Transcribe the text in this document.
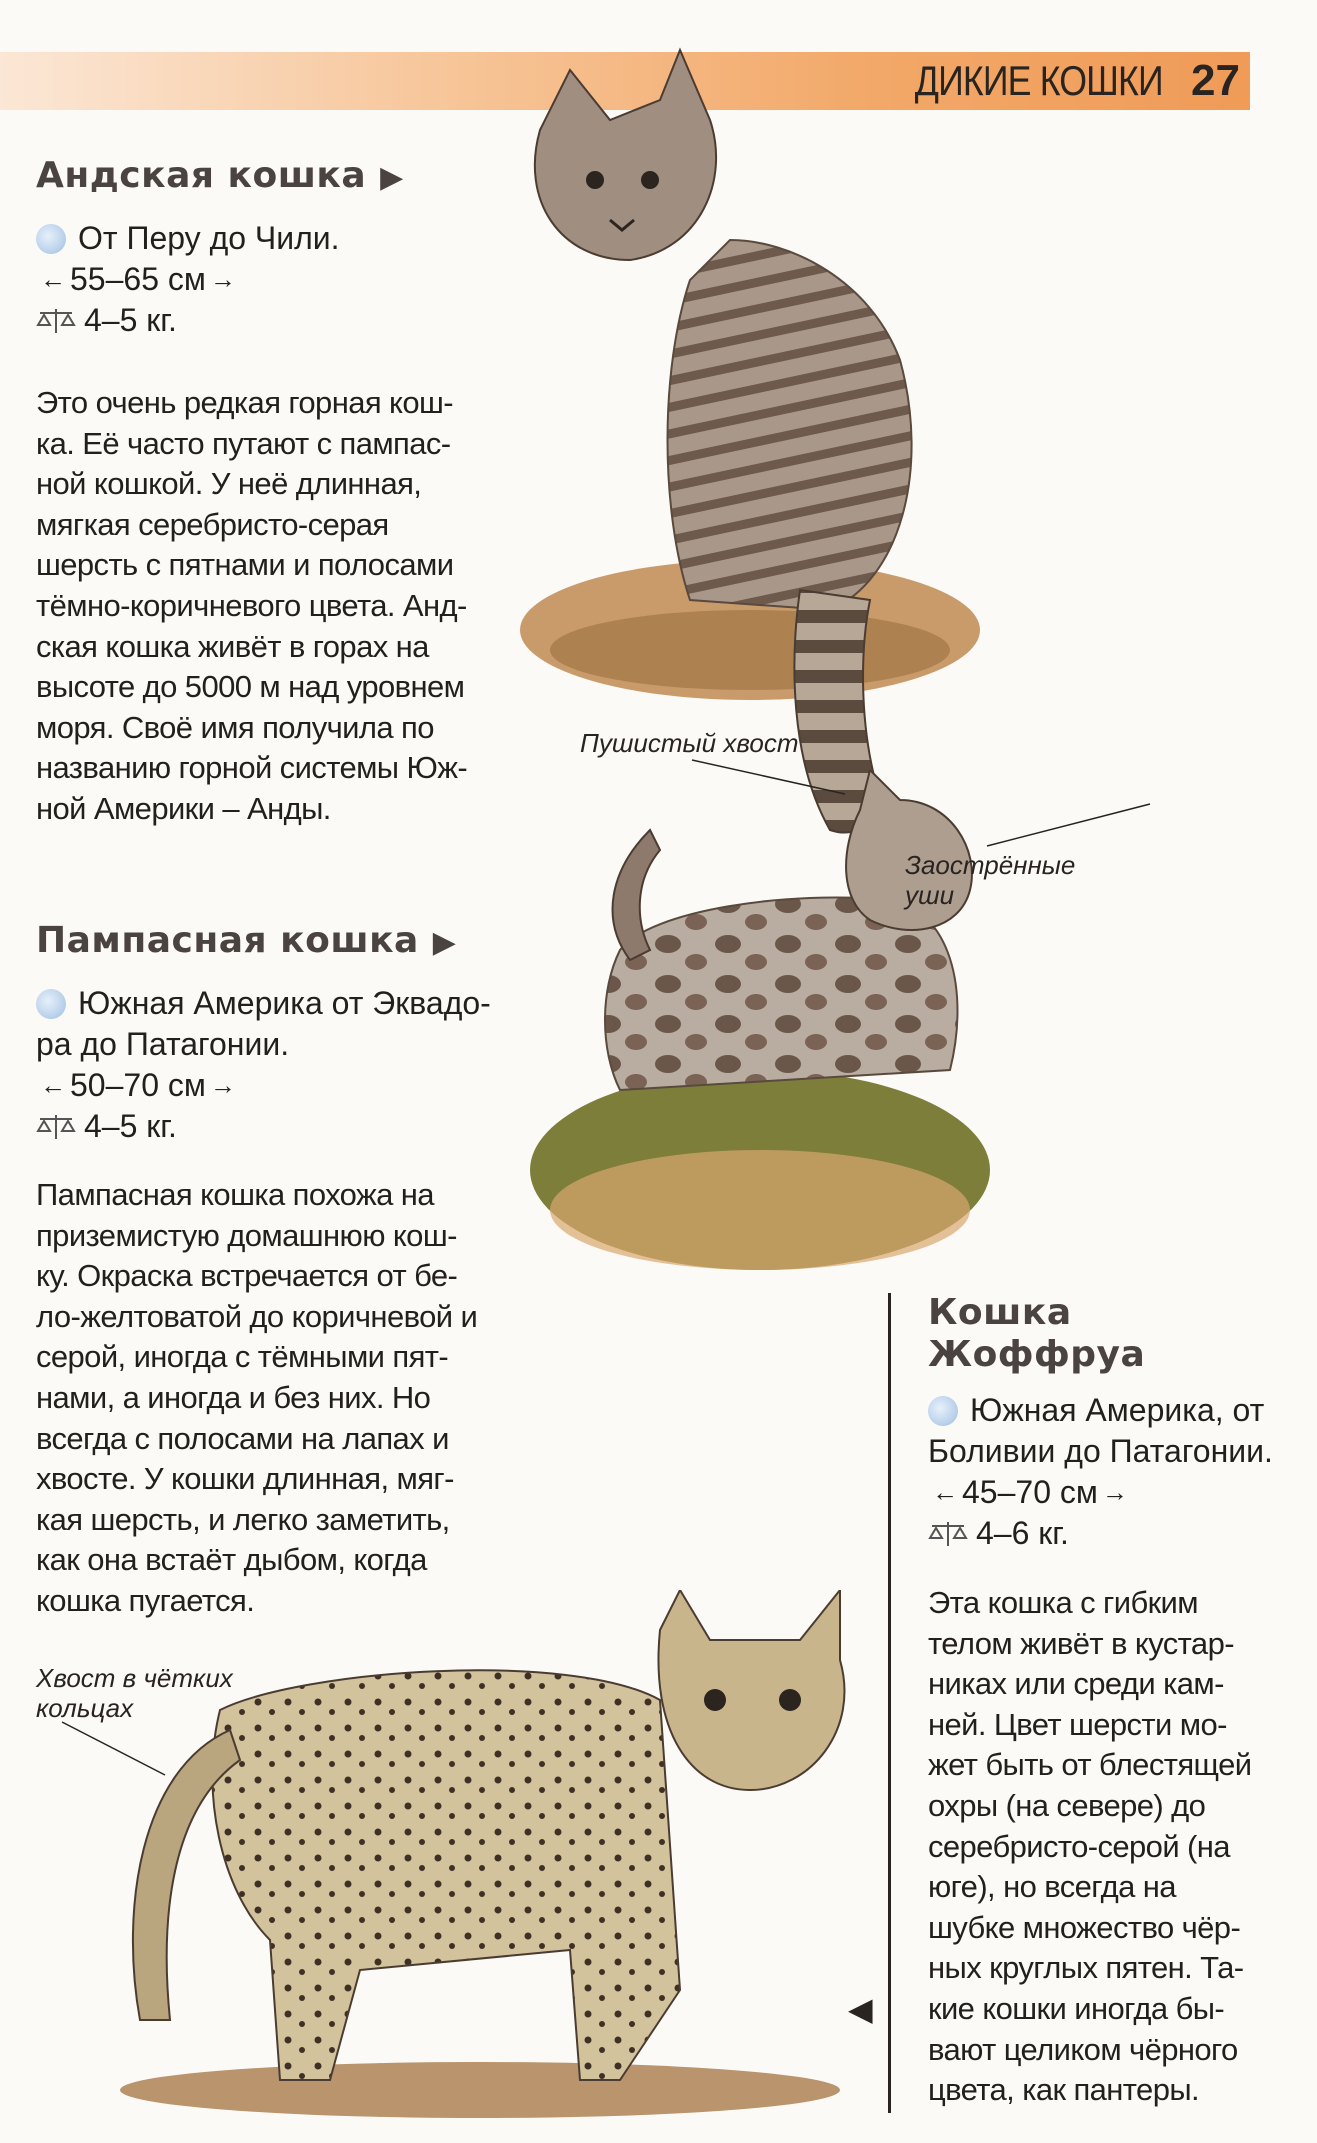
ДИКИЕ КОШКИ 27
Андская кошка ▶
От Перу до Чили.
← 55–65 см →
4–5 кг.

Это очень редкая горная кош-
ка. Её часто путают с пампас-
ной кошкой. У неё длинная,
мягкая серебристо-серая
шерсть с пятнами и полосами
тёмно-коричневого цвета. Анд-
ская кошка живёт в горах на
высоте до 5000 м над уровнем
моря. Своё имя получила по
названию горной системы Юж-
ной Америки – Анды.

Пампасная кошка ▶
Южная Америка от Эквадо-
ра до Патагонии.
← 50–70 см →
4–5 кг.

Пампасная кошка похожа на
приземистую домашнюю кош-
ку. Окраска встречается от бе-
ло-желтоватой до коричневой и
серой, иногда с тёмными пят-
нами, а иногда и без них. Но
всегда с полосами на лапах и
хвосте. У кошки длинная, мяг-
кая шерсть, и легко заметить,
как она встаёт дыбом, когда
кошка пугается.

Кошка
Жоффруа
Южная Америка, от
Боливии до Патагонии.
← 45–70 см →
4–6 кг.

Эта кошка с гибким
телом живёт в кустар-
никах или среди кам-
ней. Цвет шерсти мо-
жет быть от блестящей
охры (на севере) до
серебристо-серой (на
юге), но всегда на
шубке множество чёр-
ных круглых пятен. Та-
кие кошки иногда бы-
вают целиком чёрного
цвета, как пантеры.

◀
Пушистый хвост
Заострённые
уши
Хвост в чётких
кольцах
